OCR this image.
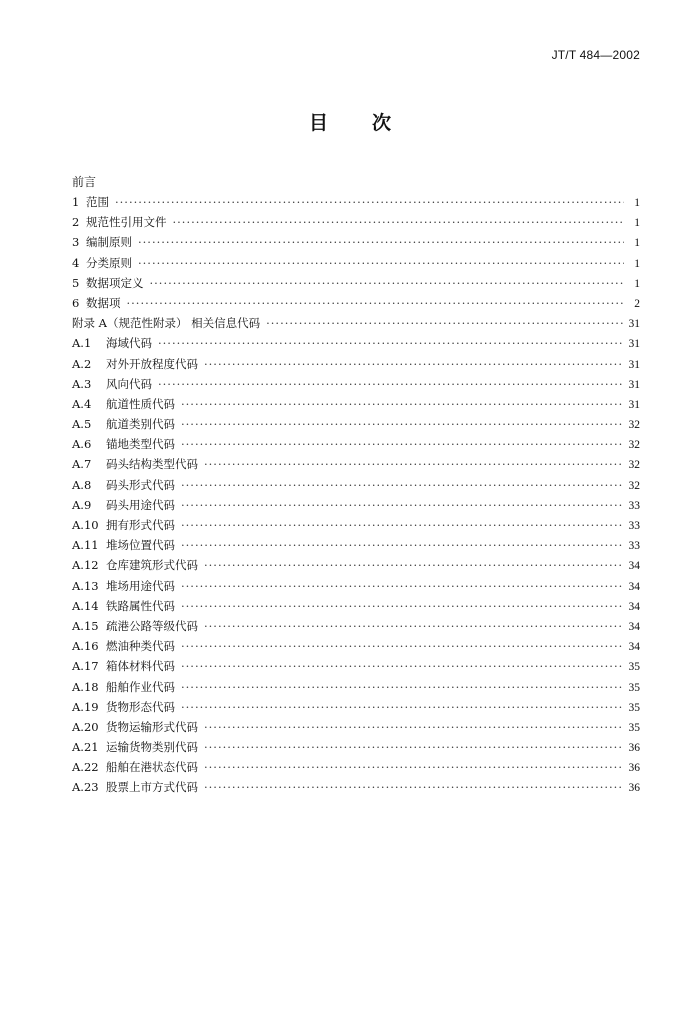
JT/T 484—2002
目 次
前言
1 范围 ·····	1
2 规范性引用文件 ·····	1
3 编制原则 ·····	1
4 分类原则 ·····	1
5 数据项定义 ·····	1
6 数据项 ·····	2
附录 A（规范性附录） 相关信息代码 ·····	31
A.1	海域代码 ·····	31
A.2	对外开放程度代码 ·····	31
A.3	风向代码 ·····	31
A.4	航道性质代码 ·····	31
A.5	航道类别代码 ·····	32
A.6	锚地类型代码 ·····	32
A.7	码头结构类型代码 ·····	32
A.8	码头形式代码 ·····	32
A.9	码头用途代码 ·····	33
A.10 拥有形式代码 ·····	33
A.11 堆场位置代码 ·····	33
A.12 仓库建筑形式代码 ·····	34
A.13 堆场用途代码 ·····	34
A.14 铁路属性代码 ·····	34
A.15 疏港公路等级代码 ·····	34
A.16 燃油种类代码 ·····	34
A.17 箱体材料代码 ·····	35
A.18 船舶作业代码 ·····	35
A.19 货物形态代码 ·····	35
A.20 货物运输形式代码 ·····	35
A.21 运输货物类别代码 ·····	36
A.22 船舶在港状态代码 ·····	36
A.23 股票上市方式代码 ·····	36
